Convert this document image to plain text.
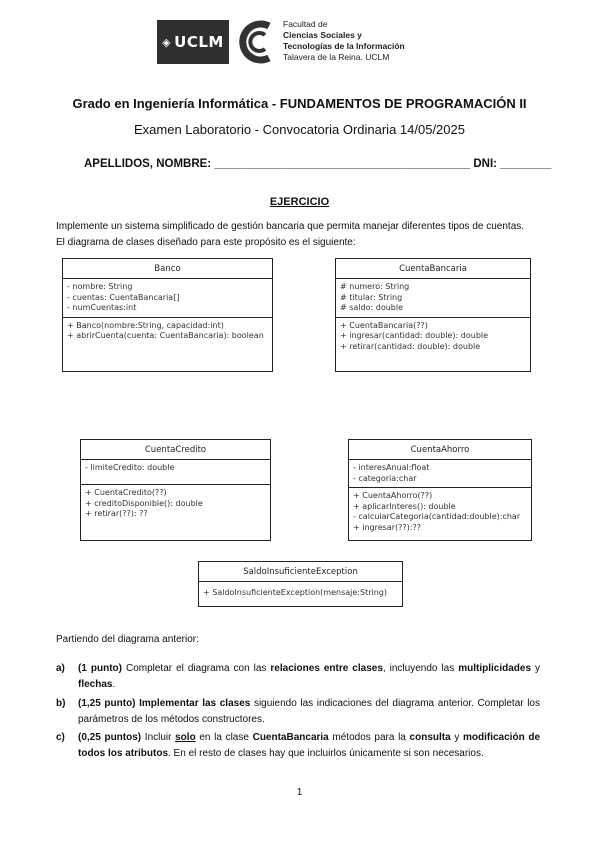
◈ UCLM
Facultad de
Ciencias Sociales y
Tecnologías de la Información
Talavera de la Reina. UCLM
Grado en Ingeniería Informática - FUNDAMENTOS DE PROGRAMACIÓN II
Examen Laboratorio - Convocatoria Ordinaria 14/05/2025
APELLIDOS, NOMBRE: ________________________________________ DNI: ________
EJERCICIO
Implemente un sistema simplificado de gestión bancaria que permita manejar diferentes tipos de cuentas.
El diagrama de clases diseñado para este propósito es el siguiente:
Banco
- nombre: String
- cuentas: CuentaBancaria[]
- numCuentas:int
+ Banco(nombre:String, capacidad:int)
+ abrirCuenta(cuenta: CuentaBancaria): boolean
CuentaBancaria
# numero: String
# titular: String
# saldo: double
+ CuentaBancaria(??)
+ ingresar(cantidad: double): double
+ retirar(cantidad: double): double
CuentaCredito
- limiteCredito: double
+ CuentaCredito(??)
+ creditoDisponible(): double
+ retirar(??): ??
CuentaAhorro
- interesAnual:float
- categoria:char
+ CuentaAhorro(??)
+ aplicarInteres(): double
- calcularCategoria(cantidad:double):char
+ ingresar(??):??
SaldoInsuficienteException
+ SaldoInsuficienteException(mensaje:String)
Partiendo del diagrama anterior:
a) (1 punto) Completar el diagrama con las relaciones entre clases, incluyendo las multiplicidades y flechas.
b) (1,25 punto) Implementar las clases siguiendo las indicaciones del diagrama anterior. Completar los parámetros de los métodos constructores.
c) (0,25 puntos) Incluir solo en la clase CuentaBancaria métodos para la consulta y modificación de todos los atributos. En el resto de clases hay que incluirlos únicamente si son necesarios.
1
